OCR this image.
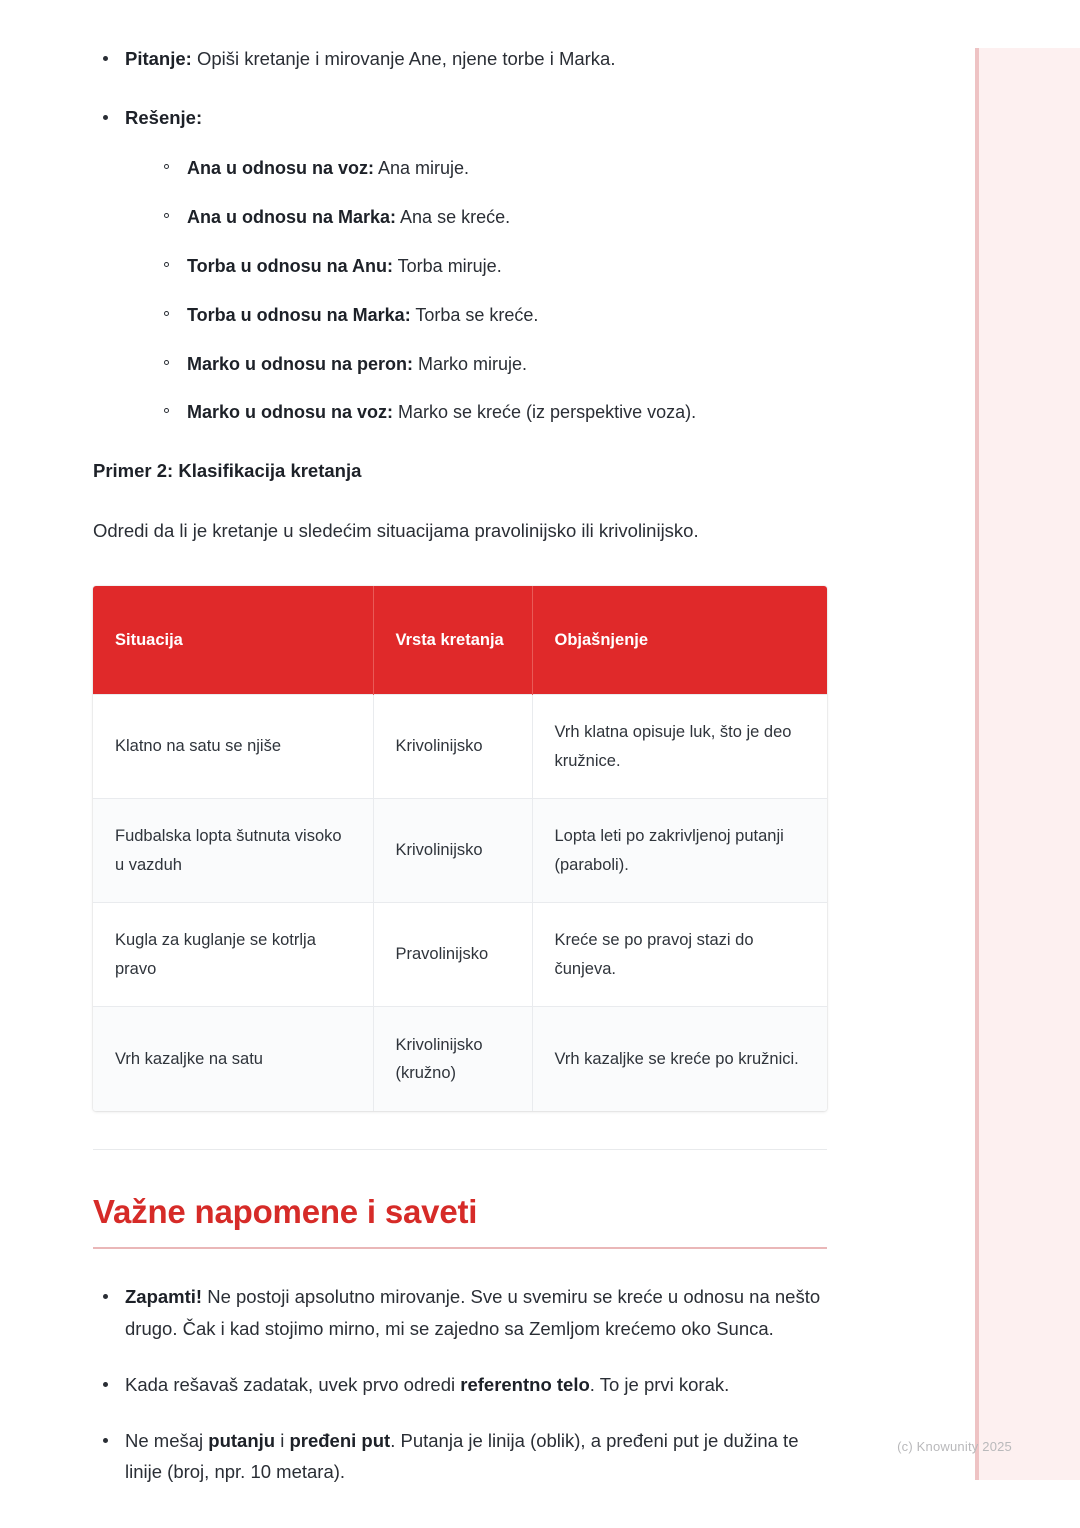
Pitanje: Opiši kretanje i mirovanje Ane, njene torbe i Marka.
Rešenje:
Ana u odnosu na voz: Ana miruje.
Ana u odnosu na Marka: Ana se kreće.
Torba u odnosu na Anu: Torba miruje.
Torba u odnosu na Marka: Torba se kreće.
Marko u odnosu na peron: Marko miruje.
Marko u odnosu na voz: Marko se kreće (iz perspektive voza).

Primer 2: Klasifikacija kretanja

Odredi da li je kretanje u sledećim situacijama pravolinijsko ili krivolinijsko.

Situacija	Vrsta kretanja	Objašnjenje
Klatno na satu se njiše	Krivolinijsko	Vrh klatna opisuje luk, što je deo kružnice.
Fudbalska lopta šutnuta visoko u vazduh	Krivolinijsko	Lopta leti po zakrivljenoj putanji (paraboli).
Kugla za kuglanje se kotrlja pravo	Pravolinijsko	Kreće se po pravoj stazi do čunjeva.
Vrh kazaljke na satu	Krivolinijsko (kružno)	Vrh kazaljke se kreće po kružnici.
Važne napomene i saveti
Zapamti! Ne postoji apsolutno mirovanje. Sve u svemiru se kreće u odnosu na nešto drugo. Čak i kad stojimo mirno, mi se zajedno sa Zemljom krećemo oko Sunca.
Kada rešavaš zadatak, uvek prvo odredi referentno telo. To je prvi korak.
Ne mešaj putanju i pređeni put. Putanja je linija (oblik), a pređeni put je dužina te linije (broj, npr. 10 metara).
(c) Knowunity 2025
